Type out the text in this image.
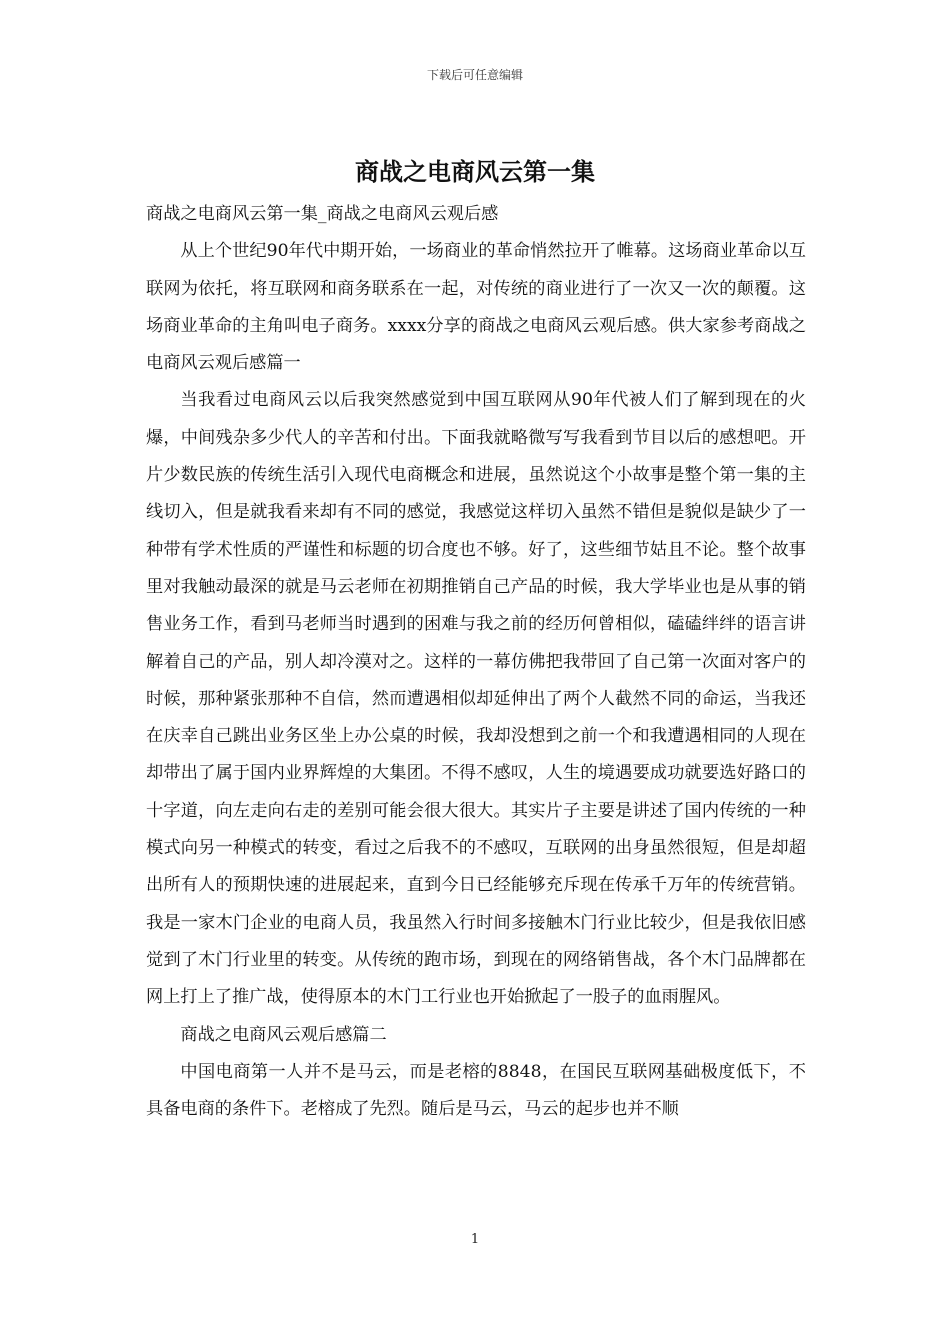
下载后可任意编辑
商战之电商风云第一集

商战之电商风云第一集_商战之电商风云观后感

从上个世纪90年代中期开始，一场商业的革命悄然拉开了帷幕。这场商业革命以互联网为依托，将互联网和商务联系在一起，对传统的商业进行了一次又一次的颠覆。这场商业革命的主角叫电子商务。xxxx分享的商战之电商风云观后感。供大家参考商战之电商风云观后感篇一

当我看过电商风云以后我突然感觉到中国互联网从90年代被人们了解到现在的火爆，中间残杂多少代人的辛苦和付出。下面我就略微写写我看到节目以后的感想吧。开片少数民族的传统生活引入现代电商概念和进展，虽然说这个小故事是整个第一集的主线切入，但是就我看来却有不同的感觉，我感觉这样切入虽然不错但是貌似是缺少了一种带有学术性质的严谨性和标题的切合度也不够。好了，这些细节姑且不论。整个故事里对我触动最深的就是马云老师在初期推销自己产品的时候，我大学毕业也是从事的销售业务工作，看到马老师当时遇到的困难与我之前的经历何曾相似，磕磕绊绊的语言讲解着自己的产品，别人却冷漠对之。这样的一幕仿佛把我带回了自己第一次面对客户的时候，那种紧张那种不自信，然而遭遇相似却延伸出了两个人截然不同的命运，当我还在庆幸自己跳出业务区坐上办公桌的时候，我却没想到之前一个和我遭遇相同的人现在却带出了属于国内业界辉煌的大集团。不得不感叹，人生的境遇要成功就要选好路口的十字道，向左走向右走的差别可能会很大很大。其实片子主要是讲述了国内传统的一种模式向另一种模式的转变，看过之后我不的不感叹，互联网的出身虽然很短，但是却超出所有人的预期快速的进展起来，直到今日已经能够充斥现在传承千万年的传统营销。我是一家木门企业的电商人员，我虽然入行时间多接触木门行业比较少，但是我依旧感觉到了木门行业里的转变。从传统的跑市场，到现在的网络销售战，各个木门品牌都在网上打上了推广战，使得原本的木门工行业也开始掀起了一股子的血雨腥风。

商战之电商风云观后感篇二

中国电商第一人并不是马云，而是老榕的8848，在国民互联网基础极度低下，不具备电商的条件下。老榕成了先烈。随后是马云，马云的起步也并不顺

1
